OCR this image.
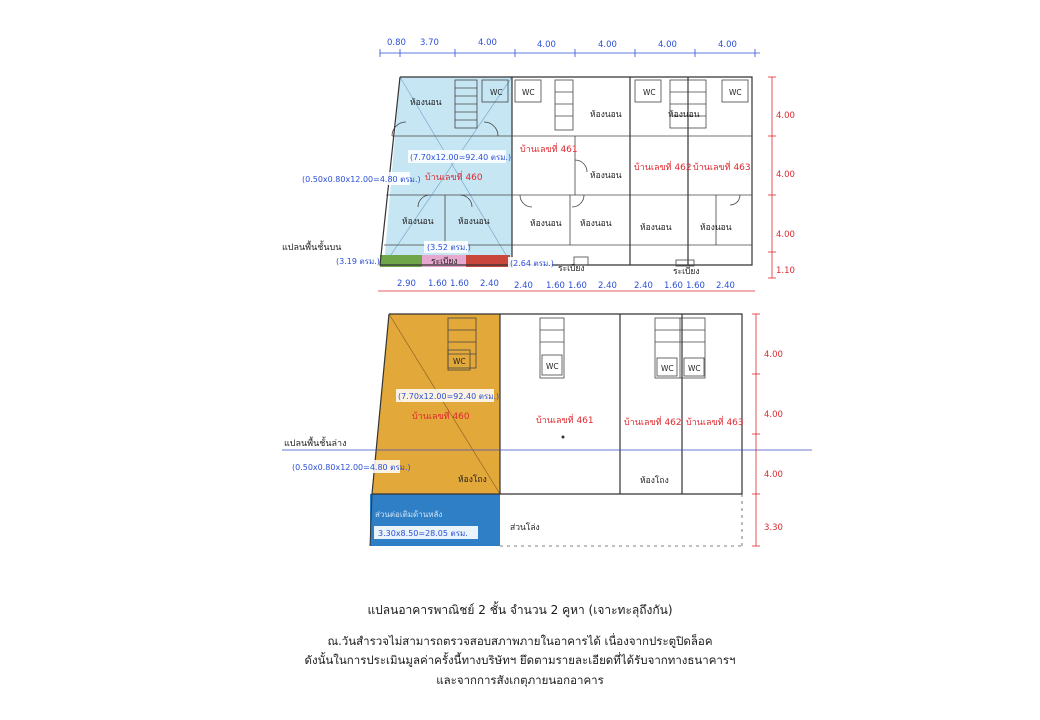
0.80 3.70	4.00	4.00	4.00	4.00	4.00
ห้องนอน
WC	WC
ห้องนอน
WC	WC
ห้องนอน
(7.70x12.00=92.40 ตรม.)
บ้านเลขที่ 460
(0.50x0.80x12.00=4.80 ตรม.)
บ้านเลขที่ 461
ห้องนอน
บ้านเลขที่ 462 บ้านเลขที่ 463
ห้องนอน	ห้องนอน	ห้องนอน ห้องนอน	ห้องนอน	ห้องนอน
แปลนพื้นชั้นบน
(3.19 ตรม.)
(3.52 ตรม.)
ระเบียง	(2.64 ตรม.)
ระเบียง	ระเบียง
4.00
4.00
4.00
1.10
2.90 1.60 1.60 2.40 2.40 1.60 1.60 2.40 2.40 1.60 1.60 2.40
WC
WC	WC WC
(7.70x12.00=92.40 ตรม.)
บ้านเลขที่ 460	บ้านเลขที่ 461	บ้านเลขที่ 462 บ้านเลขที่ 463
แปลนพื้นชั้นล่าง
(0.50x0.80x12.00=4.80 ตรม.)
ห้องโถง	ห้องโถง
ส่วนโล่ง
ส่วนต่อเติมด้านหลัง
3.30x8.50=28.05 ตรม.
4.00
4.00
4.00
3.30
แปลนอาคารพาณิชย์ 2 ชั้น จำนวน 2 คูหา (เจาะทะลุถึงกัน)
ณ.วันสำรวจไม่สามารถตรวจสอบสภาพภายในอาคารได้ เนื่องจากประตูปิดล็อค
ดังนั้นในการประเมินมูลค่าครั้งนี้ทางบริษัทฯ ยึดตามรายละเอียดที่ได้รับจากทางธนาคารฯ
และจากการสังเกตุภายนอกอาคาร
